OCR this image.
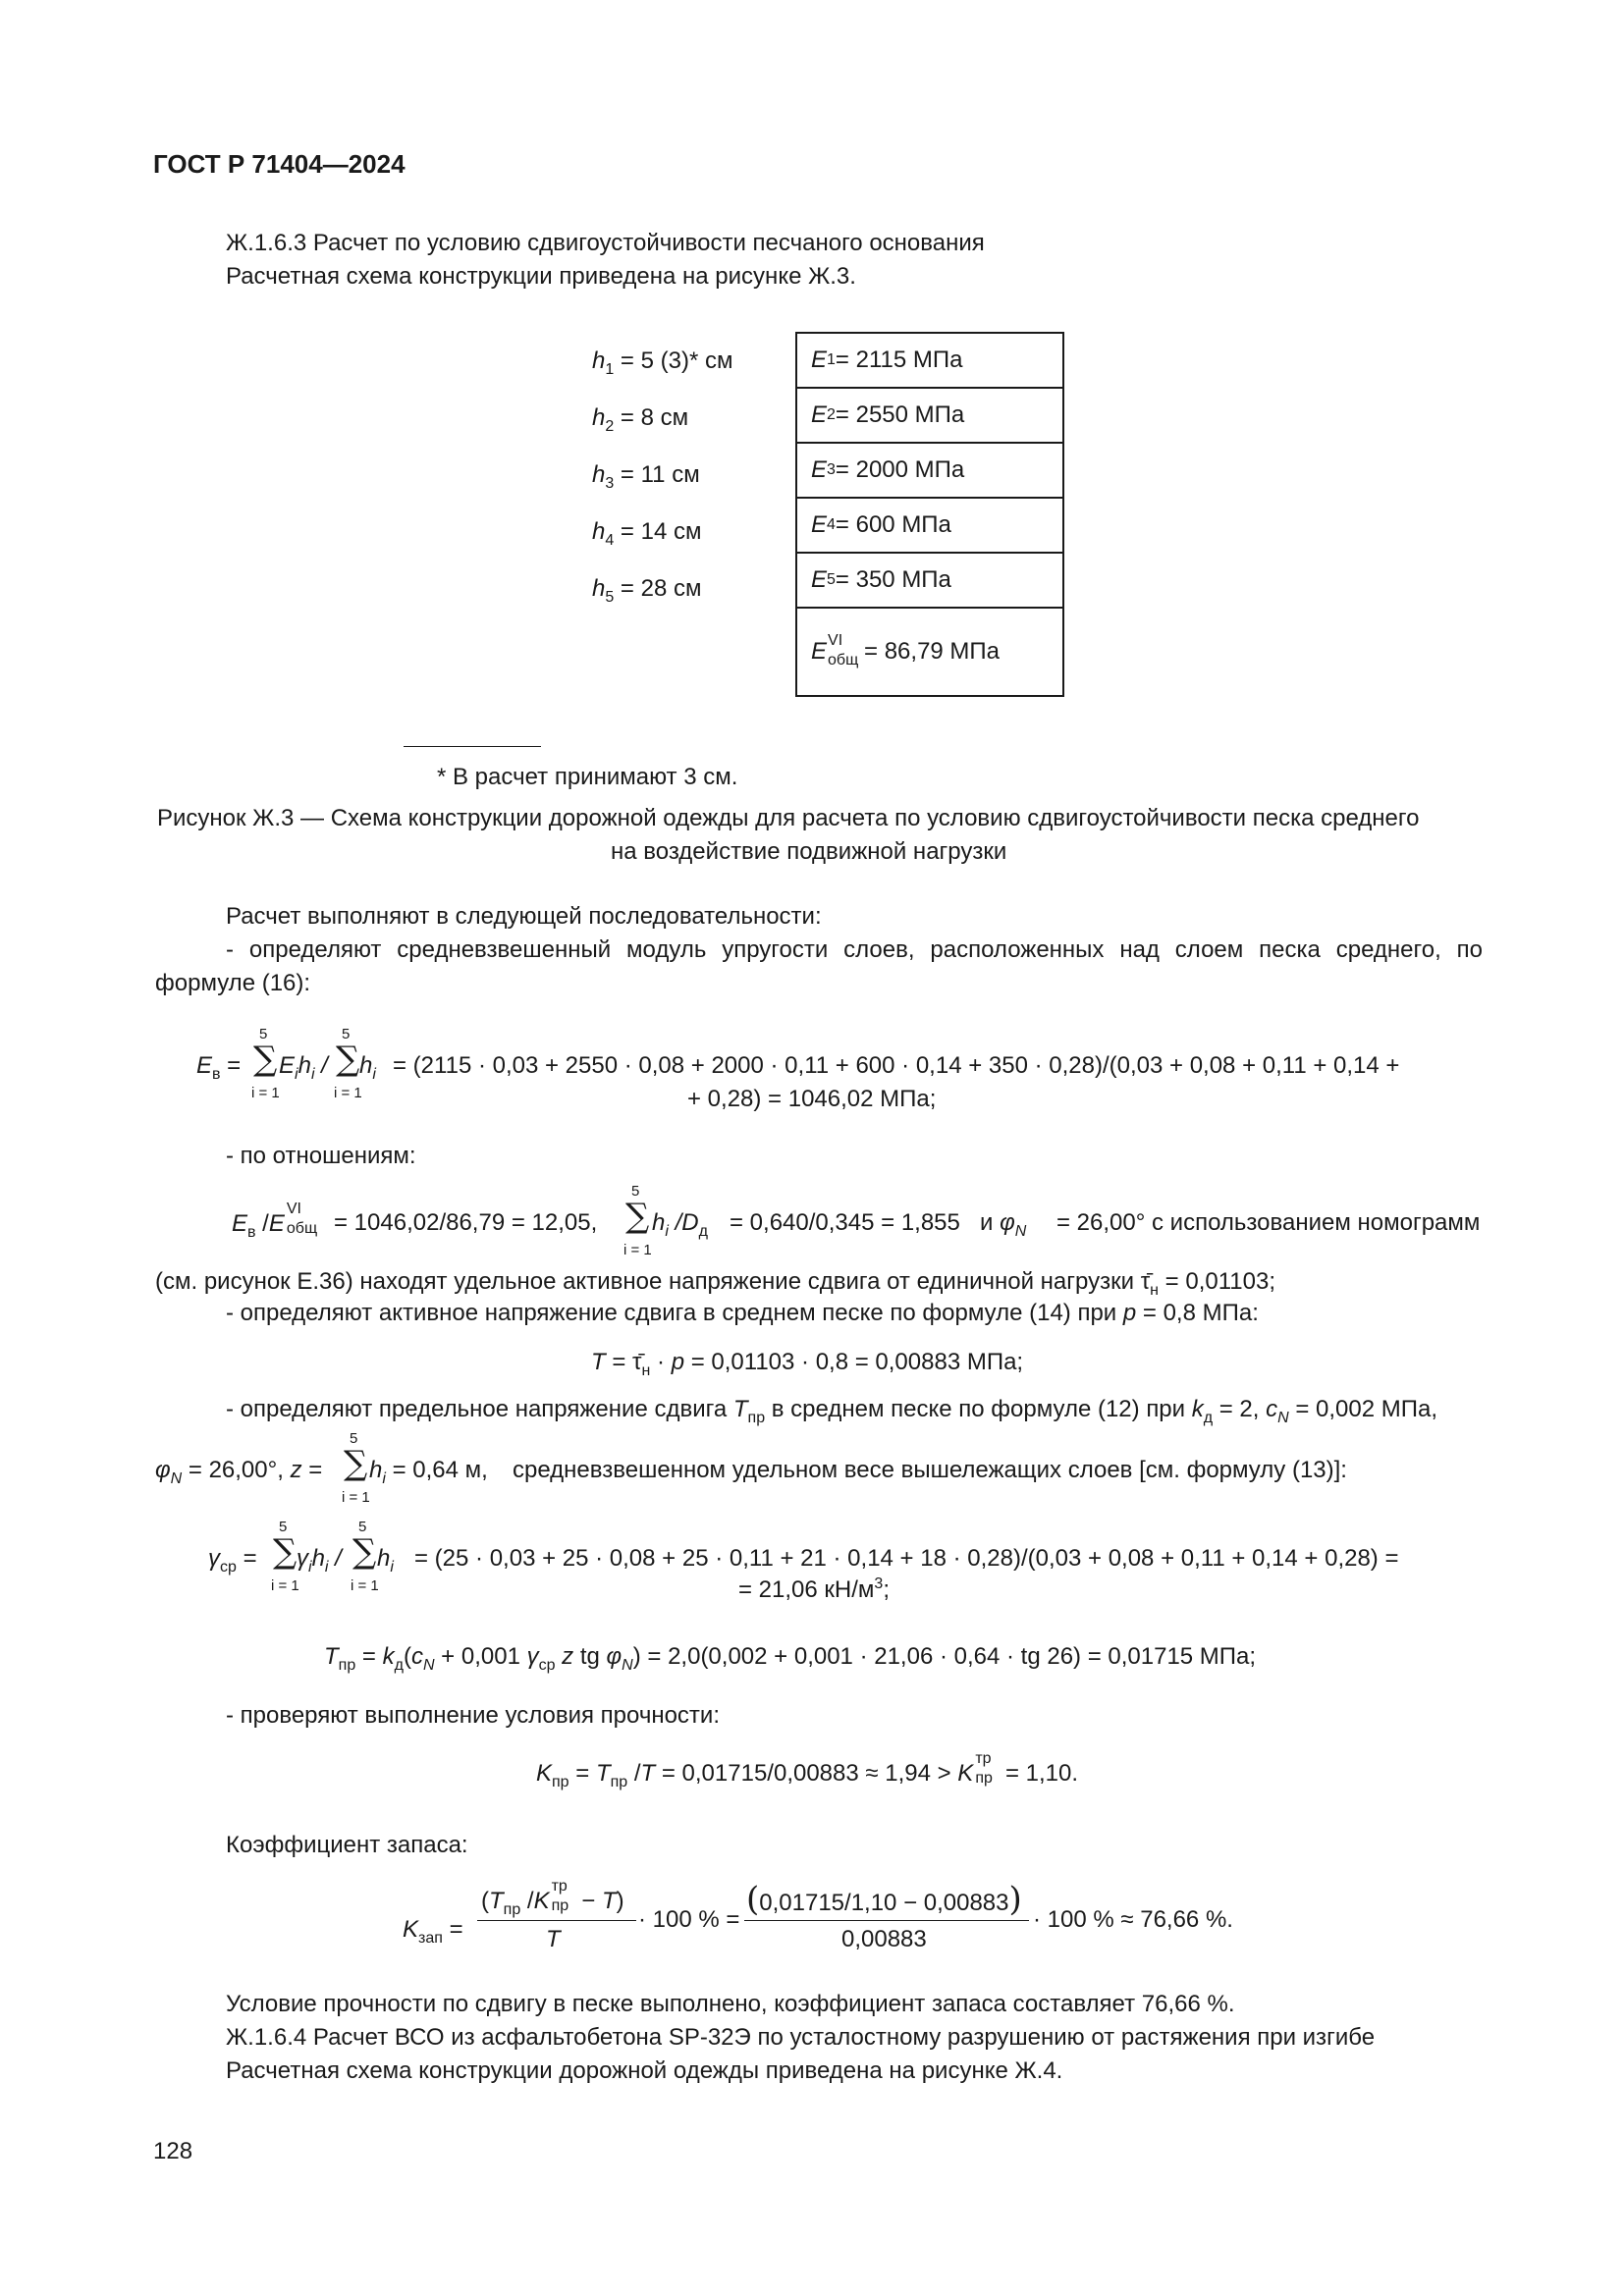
ГОСТ Р 71404—2024
Ж.1.6.3 Расчет по условию сдвигоустойчивости песчаного основания
Расчетная схема конструкции приведена на рисунке Ж.3.
$h_1 = 5$ (3)* см
$h_2 = 8$ см
$h_3 = 11$ см
$h_4 = 14$ см
$h_5 = 28$ см
E 1 = 2115 МПа
E 2 = 2550 МПа
E 3 = 2000 МПа
E 4 = 600 МПа
E 5 = 350 МПа
E VI
общ = 86,79 МПа
* В расчет принимают 3 см.
Рисунок Ж.3 — Схема конструкции дорожной одежды для расчета по условию сдвигоустойчивости песка среднего
на воздействие подвижной нагрузки
Расчет выполняют в следующей последовательности:
- определяют средневзвешенный модуль упругости слоев, расположенных над слоем песка среднего, по
формуле (16):
$E_в$ =
5
∑
i = 1
$E_ih_i$ /
5
∑
i = 1
$h_i = (2115 \cdot 0,03 + 2550 \cdot 0,08 + 2000 \cdot 0,11 + 600 \cdot 0,14 + 350 \cdot 0,28)/(0,03 + 0,08 + 0,11 + 0,14$ +
+ 0,28) = 1046,02 МПа;
- по отношениям:
$E_в$ /E
VI
общ = 1046,02/86,79 = 12,05,
5
∑
i = 1
$h_i$ $/D_д = 0,640/0,345 = 1,855$ и $\varphi_N = 26,00^\circ$ с использованием номограмм
(см. рисунок Е.36) находят удельное активное напряжение сдвига от единичной нагрузки $\taū_н = 0,01103$;
- определяют активное напряжение сдвига в среднем песке по формуле (14) при p = 0,8 МПа:
$T = \taū_н \cdot p = 0,01103 \cdot 0,8 = 0,00883$ МПа;
- определяют предельное напряжение сдвига $T_{пр}$ в среднем песке по формуле (12) при $k_д = 2$, $c_N = 0,002$ МПа,
$\varphi_N = 26,00^\circ$, z =
5
∑
i = 1
$h_i = 0,64$ м, средневзвешенном удельном весе вышележащих слоев [см. формулу (13)]:
$\gamma_{ср}$ =
5
∑
i = 1
$\gamma_ih_i$ /
5
∑
i = 1
$h_i = (25 \cdot 0,03 + 25 \cdot 0,08 + 25 \cdot 0,11 + 21 \cdot 0,14 + 18 \cdot 0,28)/(0,03 + 0,08 + 0,11 + 0,14 + 0,28)$ =
= 21,06 $кН/м^3$;
$T_{пр} = k_д(c_N + 0,001$ $\gamma_{ср}$ z tg $\varphi_N) = 2,0(0,002 + 0,001 \cdot 21,06 \cdot 0,64$ · tg 26) = 0,01715 МПа;
- проверяют выполнение условия прочности:
$K_{пр} = T_{пр}$ /T = 0,01715/0,00883 ≈ 1,94 > K
тр
пр = 1,10.
Коэффициент запаса:
$K_{зап}$ =
($T_{пр}$ /K
тр
пр − T)
T
· 100 % =
(0,01715/1,10 − 0,00883)
0,00883
· 100 % ≈ 76,66 %.
Условие прочности по сдвигу в песке выполнено, коэффициент запаса составляет 76,66 %.
Ж.1.6.4 Расчет ВСО из асфальтобетона SP-32Э по усталостному разрушению от растяжения при изгибе
Расчетная схема конструкции дорожной одежды приведена на рисунке Ж.4.
128
